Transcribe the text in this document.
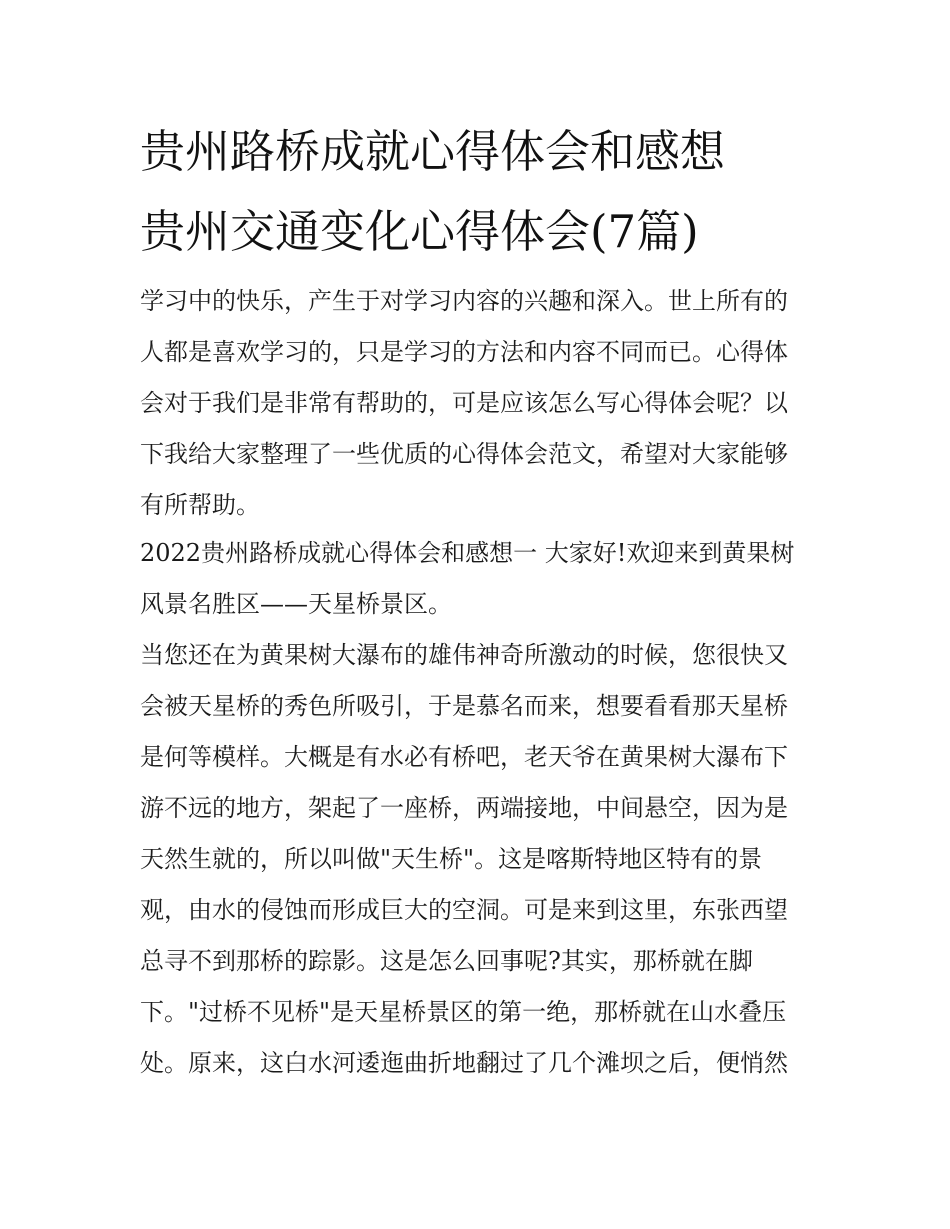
贵州路桥成就心得体会和感想
贵州交通变化心得体会(7篇)

学习中的快乐，产生于对学习内容的兴趣和深入。世上所有的
人都是喜欢学习的，只是学习的方法和内容不同而已。心得体
会对于我们是非常有帮助的，可是应该怎么写心得体会呢？以
下我给大家整理了一些优质的心得体会范文，希望对大家能够
有所帮助。

2022贵州路桥成就心得体会和感想一 大家好!欢迎来到黄果树
风景名胜区——天星桥景区。

当您还在为黄果树大瀑布的雄伟神奇所激动的时候，您很快又
会被天星桥的秀色所吸引，于是慕名而来，想要看看那天星桥
是何等模样。大概是有水必有桥吧，老天爷在黄果树大瀑布下
游不远的地方，架起了一座桥，两端接地，中间悬空，因为是
天然生就的，所以叫做"天生桥"。这是喀斯特地区特有的景
观，由水的侵蚀而形成巨大的空洞。可是来到这里，东张西望
总寻不到那桥的踪影。这是怎么回事呢?其实，那桥就在脚
下。"过桥不见桥"是天星桥景区的第一绝，那桥就在山水叠压
处。原来，这白水河逶迤曲折地翻过了几个滩坝之后，便悄然
